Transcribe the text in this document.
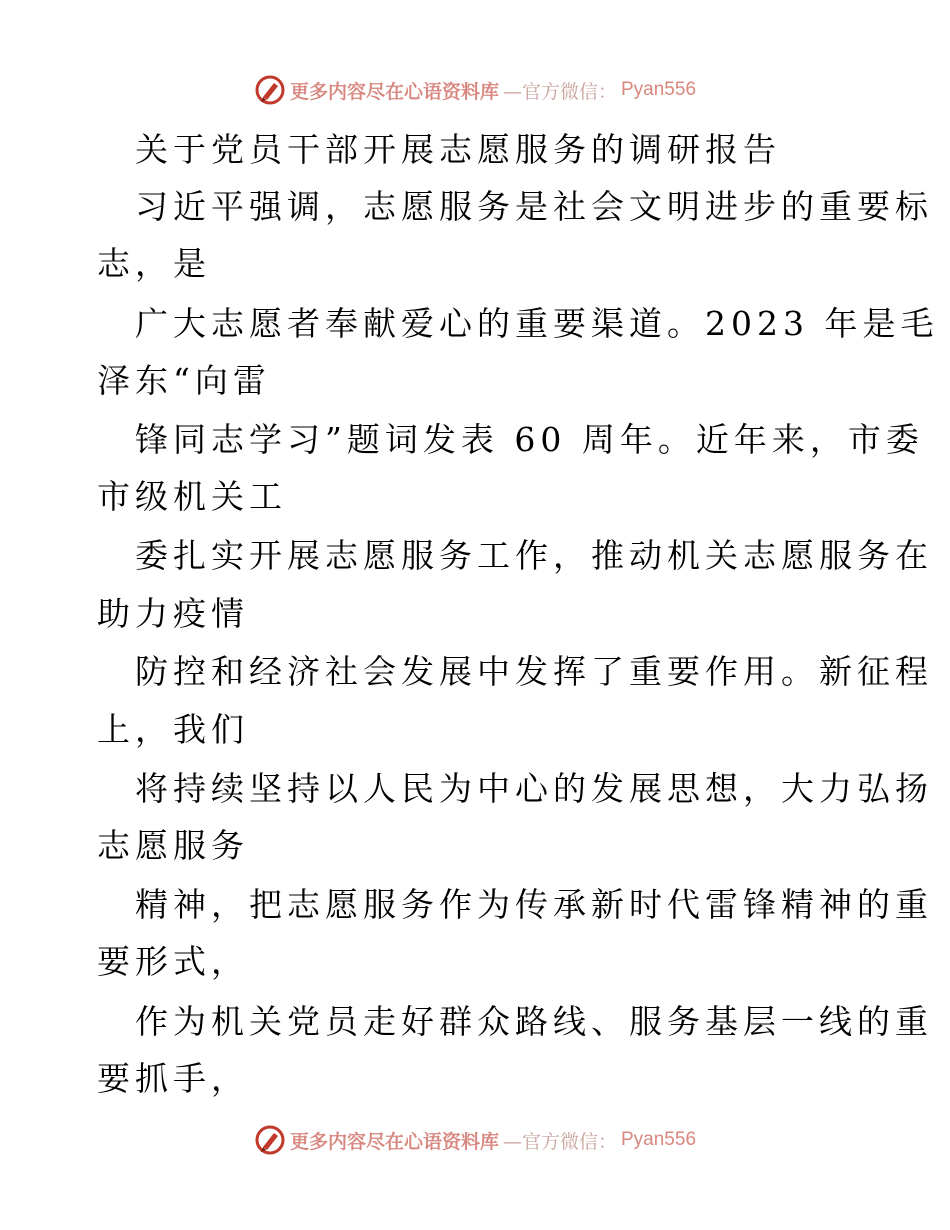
更多内容尽在心语资料库 —官方微信： Pyan556
关于党员干部开展志愿服务的调研报告
习近平强调，志愿服务是社会文明进步的重要标
志，是
广大志愿者奉献爱心的重要渠道。2023 年是毛
泽东“向雷
锋同志学习”题词发表 60 周年。近年来，市委
市级机关工
委扎实开展志愿服务工作，推动机关志愿服务在
助力疫情
防控和经济社会发展中发挥了重要作用。新征程
上，我们
将持续坚持以人民为中心的发展思想，大力弘扬
志愿服务
精神，把志愿服务作为传承新时代雷锋精神的重
要形式，
作为机关党员走好群众路线、服务基层一线的重
要抓手，
更多内容尽在心语资料库 —官方微信： Pyan556
